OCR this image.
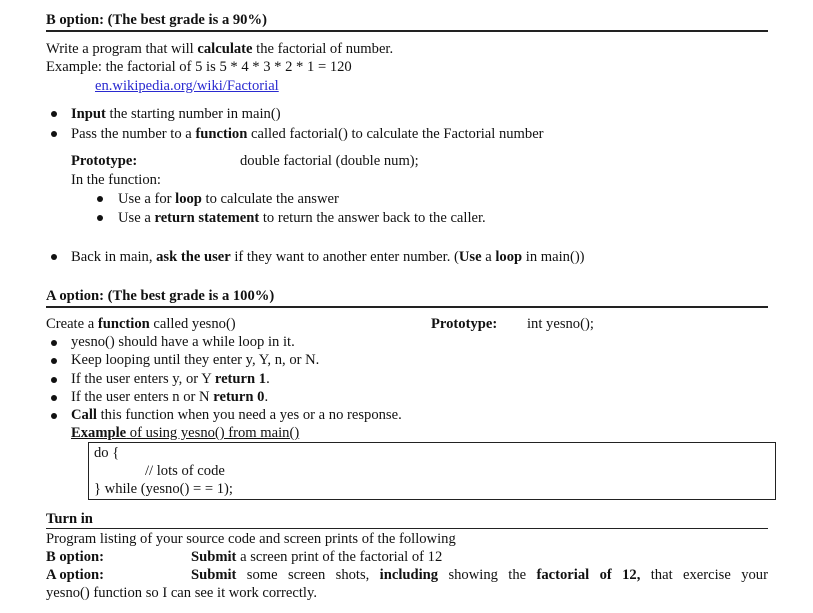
B option: (The best grade is a 90%)
Write a program that will calculate the factorial of number.
Example: the factorial of 5 is 5 * 4 * 3 * 2 * 1 = 120
en.wikipedia.org/wiki/Factorial
Input the starting number in main()
Pass the number to a function called factorial() to calculate the Factorial number
Prototype:	double factorial (double num);
In the function:
Use a for loop to calculate the answer
Use a return statement to return the answer back to the caller.
Back in main, ask the user if they want to another enter number. (Use a loop in main())
A option: (The best grade is a 100%)
Create a function called yesno()	Prototype: int yesno();
yesno() should have a while loop in it.
Keep looping until they enter y, Y, n, or N.
If the user enters y, or Y return 1.
If the user enters n or N return 0.
Call this function when you need a yes or a no response.
Example of using yesno() from main()
do {
// lots of code
} while (yesno() = = 1);
Turn in
Program listing of your source code and screen prints of the following
B option:	Submit a screen print of the factorial of 12
A option:	Submit some screen shots, including showing the factorial of 12, that exercise your
yesno() function so I can see it work correctly.
